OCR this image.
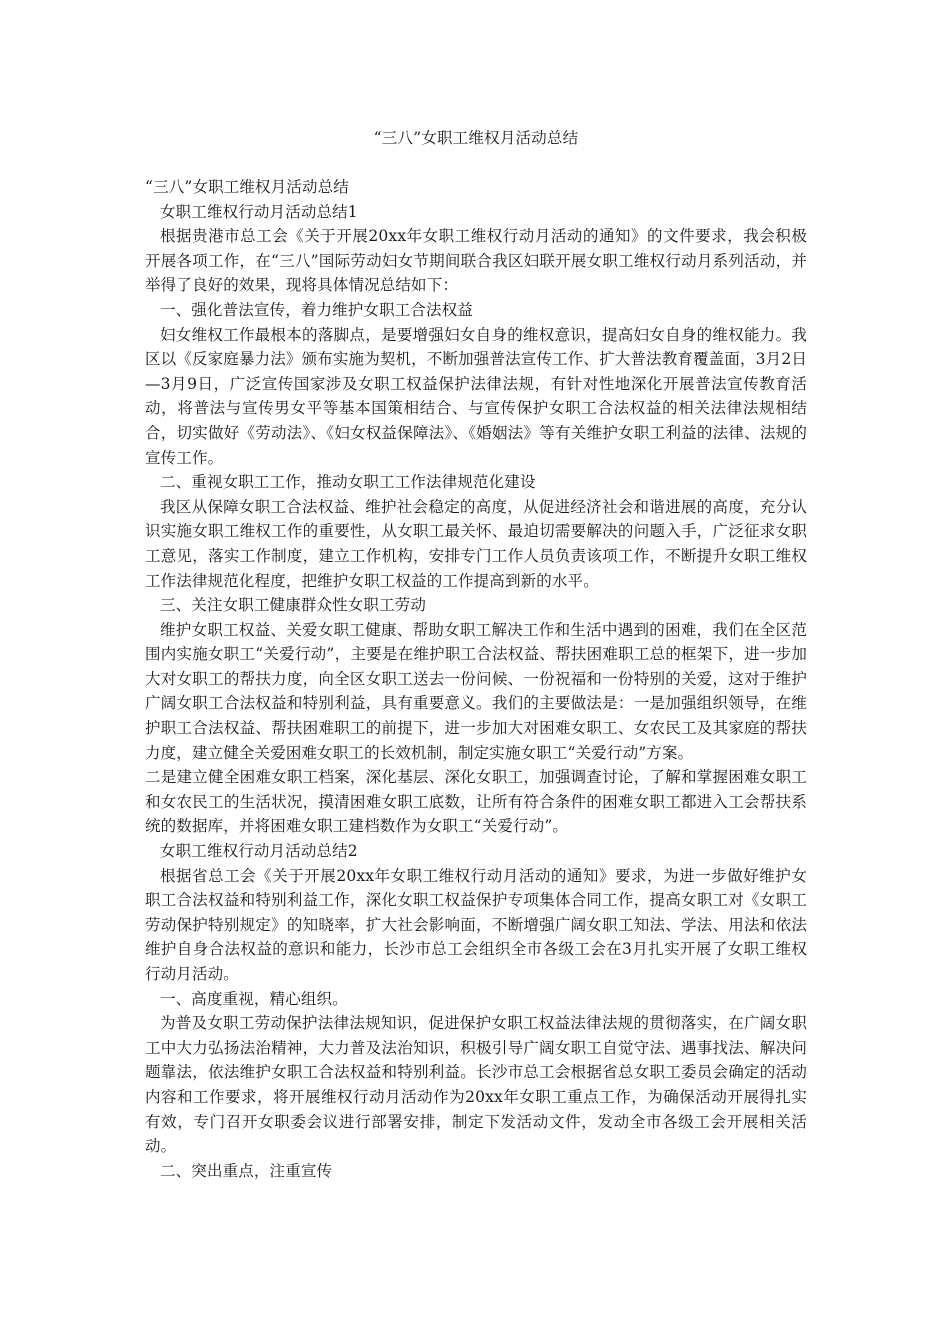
“三八”女职工维权月活动总结

“三八”女职工维权月活动总结

女职工维权行动月活动总结1

根据贵港市总工会《关于开展20xx年女职工维权行动月活动的通知》的文件要求，我会积极开展各项工作，在“三八”国际劳动妇女节期间联合我区妇联开展女职工维权行动月系列活动，并举得了良好的效果，现将具体情况总结如下：

一、强化普法宣传，着力维护女职工合法权益

妇女维权工作最根本的落脚点，是要增强妇女自身的维权意识，提高妇女自身的维权能力。我区以《反家庭暴力法》颁布实施为契机，不断加强普法宣传工作、扩大普法教育覆盖面，3月2日—3月9日，广泛宣传国家涉及女职工权益保护法律法规，有针对性地深化开展普法宣传教育活动，将普法与宣传男女平等基本国策相结合、与宣传保护女职工合法权益的相关法律法规相结合，切实做好《劳动法》、《妇女权益保障法》、《婚姻法》等有关维护女职工利益的法律、法规的宣传工作。

二、重视女职工工作，推动女职工工作法律规范化建设

我区从保障女职工合法权益、维护社会稳定的高度，从促进经济社会和谐进展的高度，充分认识实施女职工维权工作的重要性，从女职工最关怀、最迫切需要解决的问题入手，广泛征求女职工意见，落实工作制度，建立工作机构，安排专门工作人员负责该项工作，不断提升女职工维权工作法律规范化程度，把维护女职工权益的工作提高到新的水平。

三、关注女职工健康群众性女职工劳动

维护女职工权益、关爱女职工健康、帮助女职工解决工作和生活中遇到的困难，我们在全区范围内实施女职工“关爱行动”，主要是在维护职工合法权益、帮扶困难职工总的框架下，进一步加大对女职工的帮扶力度，向全区女职工送去一份问候、一份祝福和一份特别的关爱，这对于维护广阔女职工合法权益和特别利益，具有重要意义。我们的主要做法是：一是加强组织领导，在维护职工合法权益、帮扶困难职工的前提下，进一步加大对困难女职工、女农民工及其家庭的帮扶力度，建立健全关爱困难女职工的长效机制，制定实施女职工“关爱行动”方案。

二是建立健全困难女职工档案，深化基层、深化女职工，加强调查讨论，了解和掌握困难女职工和女农民工的生活状况，摸清困难女职工底数，让所有符合条件的困难女职工都进入工会帮扶系统的数据库，并将困难女职工建档数作为女职工“关爱行动”。

女职工维权行动月活动总结2

根据省总工会《关于开展20xx年女职工维权行动月活动的通知》要求，为进一步做好维护女职工合法权益和特别利益工作，深化女职工权益保护专项集体合同工作，提高女职工对《女职工劳动保护特别规定》的知晓率，扩大社会影响面，不断增强广阔女职工知法、学法、用法和依法维护自身合法权益的意识和能力，长沙市总工会组织全市各级工会在3月扎实开展了女职工维权行动月活动。

一、高度重视，精心组织。

为普及女职工劳动保护法律法规知识，促进保护女职工权益法律法规的贯彻落实，在广阔女职工中大力弘扬法治精神，大力普及法治知识，积极引导广阔女职工自觉守法、遇事找法、解决问题靠法，依法维护女职工合法权益和特别利益。长沙市总工会根据省总女职工委员会确定的活动内容和工作要求，将开展维权行动月活动作为20xx年女职工重点工作，为确保活动开展得扎实有效，专门召开女职委会议进行部署安排，制定下发活动文件，发动全市各级工会开展相关活动。

二、突出重点，注重宣传
